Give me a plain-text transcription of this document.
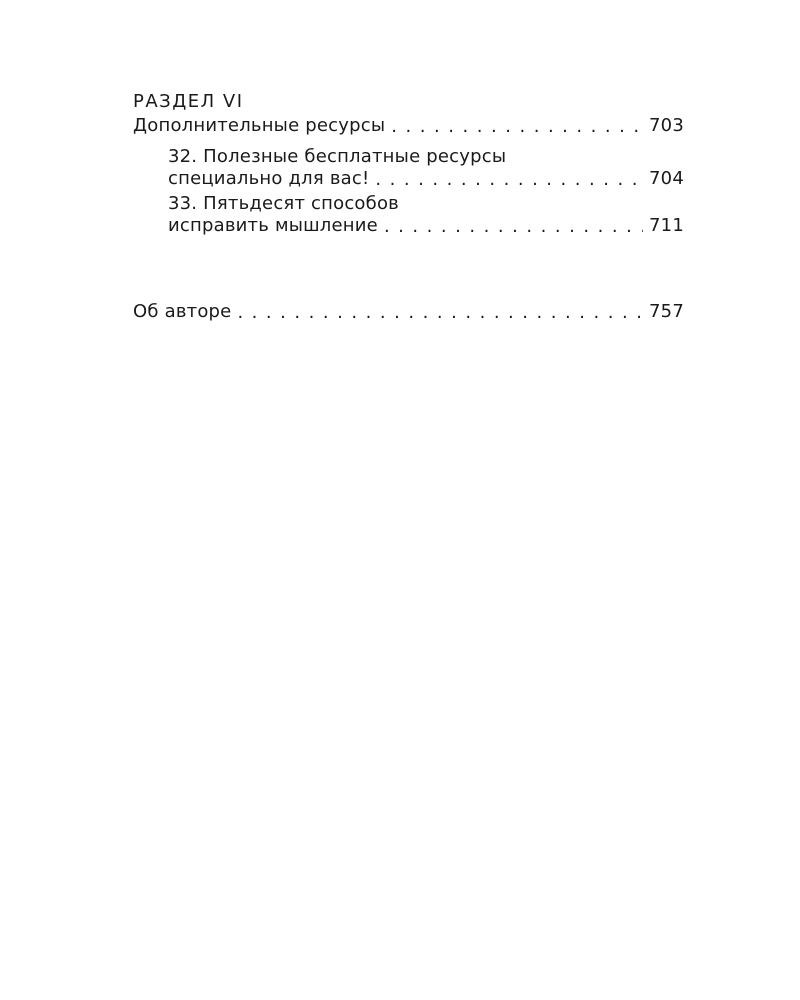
РАЗДЕЛ VI
Дополнительные ресурсы . . .	703
32. Полезные бесплатные ресурсы
специально для вас! . . .	704
33. Пятьдесят способов
исправить мышление . . .	711
Об авторе . . .	757
